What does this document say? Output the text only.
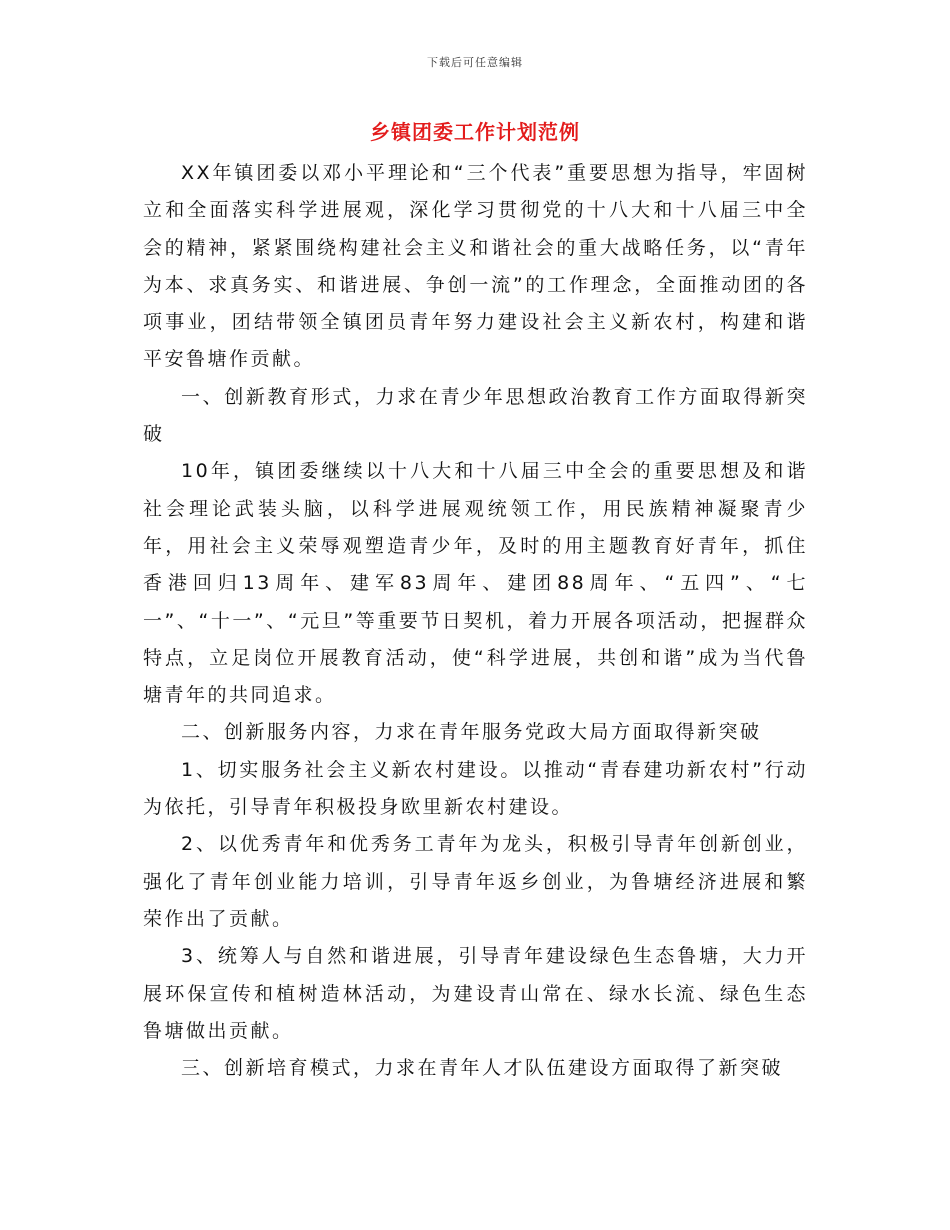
下载后可任意编辑
乡镇团委工作计划范例

XX年镇团委以邓小平理论和“三个代表”重要思想为指导，牢固树立和全面落实科学进展观，深化学习贯彻党的十八大和十八届三中全会的精神，紧紧围绕构建社会主义和谐社会的重大战略任务，以“青年为本、求真务实、和谐进展、争创一流”的工作理念，全面推动团的各项事业，团结带领全镇团员青年努力建设社会主义新农村，构建和谐平安鲁塘作贡献。

一、创新教育形式，力求在青少年思想政治教育工作方面取得新突破

10年，镇团委继续以十八大和十八届三中全会的重要思想及和谐社会理论武装头脑，以科学进展观统领工作，用民族精神凝聚青少年，用社会主义荣辱观塑造青少年，及时的用主题教育好青年，抓住香港回归13周年、建军83周年、建团88周年、“五四”、“七一”、“十一”、“元旦”等重要节日契机，着力开展各项活动，把握群众特点，立足岗位开展教育活动，使“科学进展，共创和谐”成为当代鲁塘青年的共同追求。

二、创新服务内容，力求在青年服务党政大局方面取得新突破

1、切实服务社会主义新农村建设。以推动“青春建功新农村”行动为依托，引导青年积极投身欧里新农村建设。

2、以优秀青年和优秀务工青年为龙头，积极引导青年创新创业，强化了青年创业能力培训，引导青年返乡创业，为鲁塘经济进展和繁荣作出了贡献。

3、统筹人与自然和谐进展，引导青年建设绿色生态鲁塘，大力开展环保宣传和植树造林活动，为建设青山常在、绿水长流、绿色生态鲁塘做出贡献。

三、创新培育模式，力求在青年人才队伍建设方面取得了新突破
